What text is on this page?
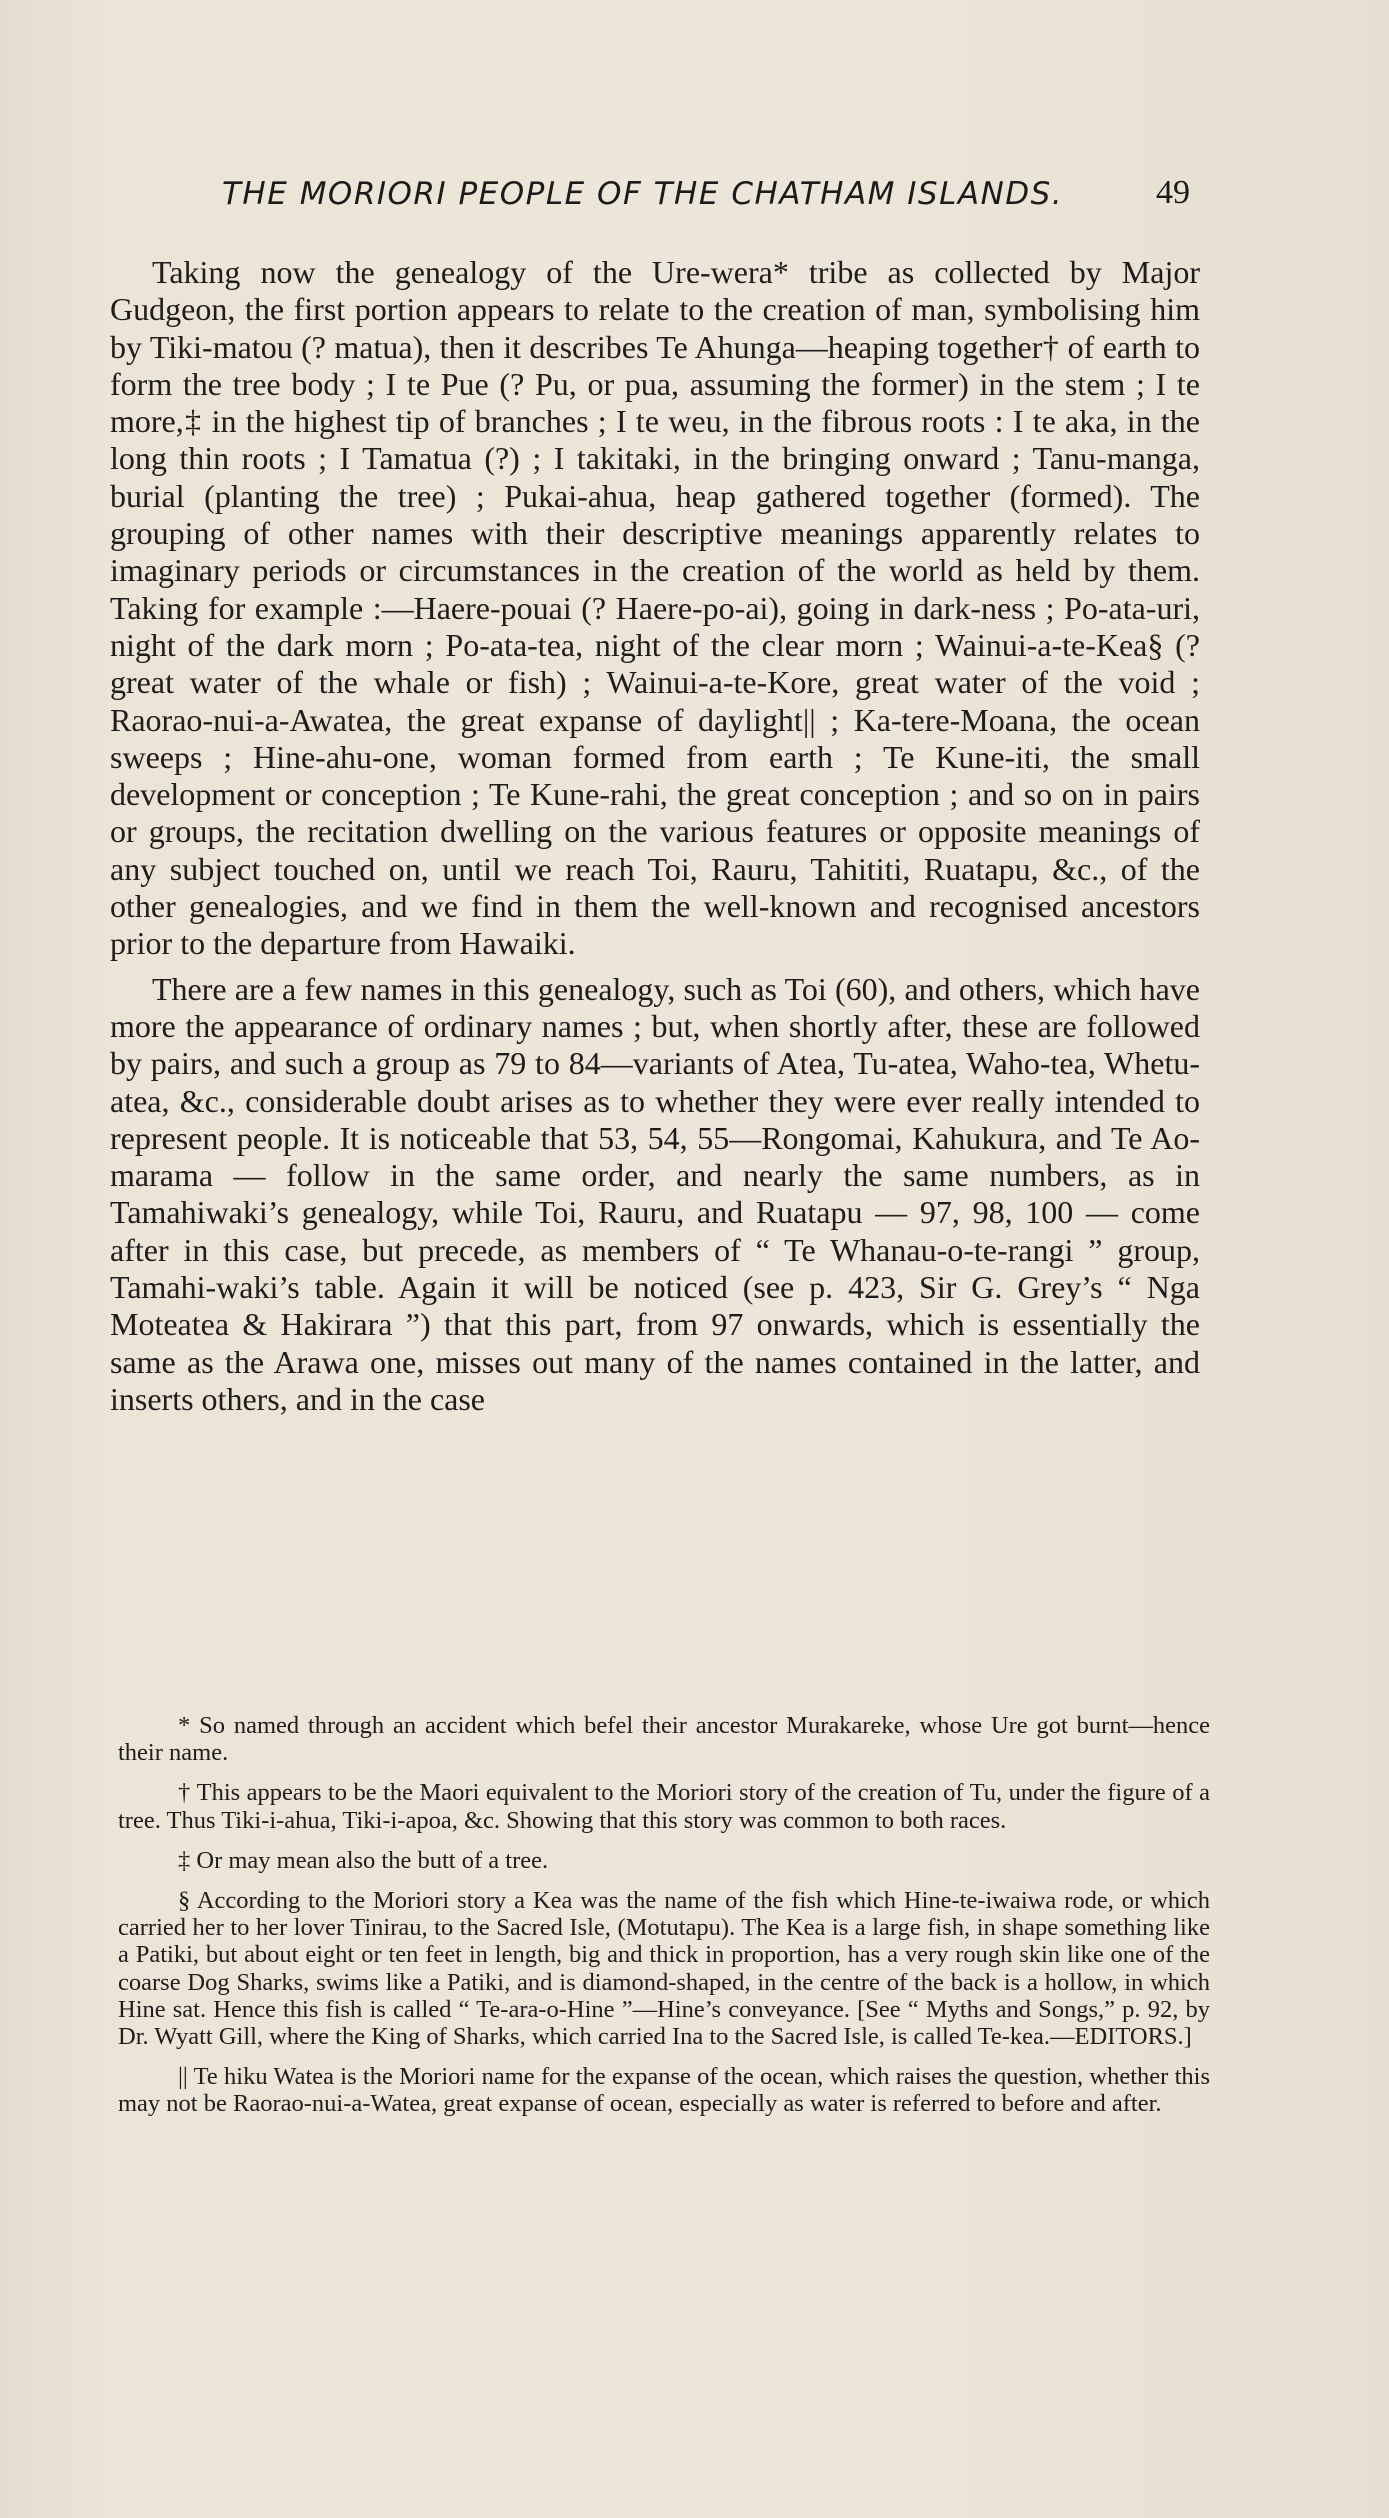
THE MORIORI PEOPLE OF THE CHATHAM ISLANDS.	49

Taking now the genealogy of the Ure-wera* tribe as collected by Major Gudgeon, the first portion appears to relate to the creation of man, symbolising him by Tiki-matou (? matua), then it describes Te Ahunga—heaping together† of earth to form the tree body ; I te Pue (? Pu, or pua, assuming the former) in the stem ; I te more,‡ in the highest tip of branches ; I te weu, in the fibrous roots : I te aka, in the long thin roots ; I Tamatua (?) ; I takitaki, in the bringing onward ; Tanu-manga, burial (planting the tree) ; Pukai-ahua, heap gathered together (formed). The grouping of other names with their descriptive meanings apparently relates to imaginary periods or circumstances in the creation of the world as held by them. Taking for example :—Haere-pouai (? Haere-po-ai), going in dark-ness ; Po-ata-uri, night of the dark morn ; Po-ata-tea, night of the clear morn ; Wainui-a-te-Kea§ (? great water of the whale or fish) ; Wainui-a-te-Kore, great water of the void ; Raorao-nui-a-Awatea, the great expanse of daylight|| ; Ka-tere-Moana, the ocean sweeps ; Hine-ahu-one, woman formed from earth ; Te Kune-iti, the small development or conception ; Te Kune-rahi, the great conception ; and so on in pairs or groups, the recitation dwelling on the various features or opposite meanings of any subject touched on, until we reach Toi, Rauru, Tahititi, Ruatapu, &c., of the other genealogies, and we find in them the well-known and recognised ancestors prior to the departure from Hawaiki.

There are a few names in this genealogy, such as Toi (60), and others, which have more the appearance of ordinary names ; but, when shortly after, these are followed by pairs, and such a group as 79 to 84—variants of Atea, Tu-atea, Waho-tea, Whetu-atea, &c., considerable doubt arises as to whether they were ever really intended to represent people. It is noticeable that 53, 54, 55—Rongomai, Kahukura, and Te Ao-marama — follow in the same order, and nearly the same numbers, as in Tamahiwaki’s genealogy, while Toi, Rauru, and Ruatapu — 97, 98, 100 — come after in this case, but precede, as members of “ Te Whanau-o-te-rangi ” group, Tamahi-waki’s table. Again it will be noticed (see p. 423, Sir G. Grey’s “ Nga Moteatea & Hakirara ”) that this part, from 97 onwards, which is essentially the same as the Arawa one, misses out many of the names contained in the latter, and inserts others, and in the case

* So named through an accident which befel their ancestor Murakareke, whose Ure got burnt—hence their name.

† This appears to be the Maori equivalent to the Moriori story of the creation of Tu, under the figure of a tree. Thus Tiki-i-ahua, Tiki-i-apoa, &c. Showing that this story was common to both races.

‡ Or may mean also the butt of a tree.

§ According to the Moriori story a Kea was the name of the fish which Hine-te-iwaiwa rode, or which carried her to her lover Tinirau, to the Sacred Isle, (Motutapu). The Kea is a large fish, in shape something like a Patiki, but about eight or ten feet in length, big and thick in proportion, has a very rough skin like one of the coarse Dog Sharks, swims like a Patiki, and is diamond-shaped, in the centre of the back is a hollow, in which Hine sat. Hence this fish is called “ Te-ara-o-Hine ”—Hine’s conveyance. [See “ Myths and Songs,” p. 92, by Dr. Wyatt Gill, where the King of Sharks, which carried Ina to the Sacred Isle, is called Te-kea.—EDITORS.]

|| Te hiku Watea is the Moriori name for the expanse of the ocean, which raises the question, whether this may not be Raorao-nui-a-Watea, great expanse of ocean, especially as water is referred to before and after.
